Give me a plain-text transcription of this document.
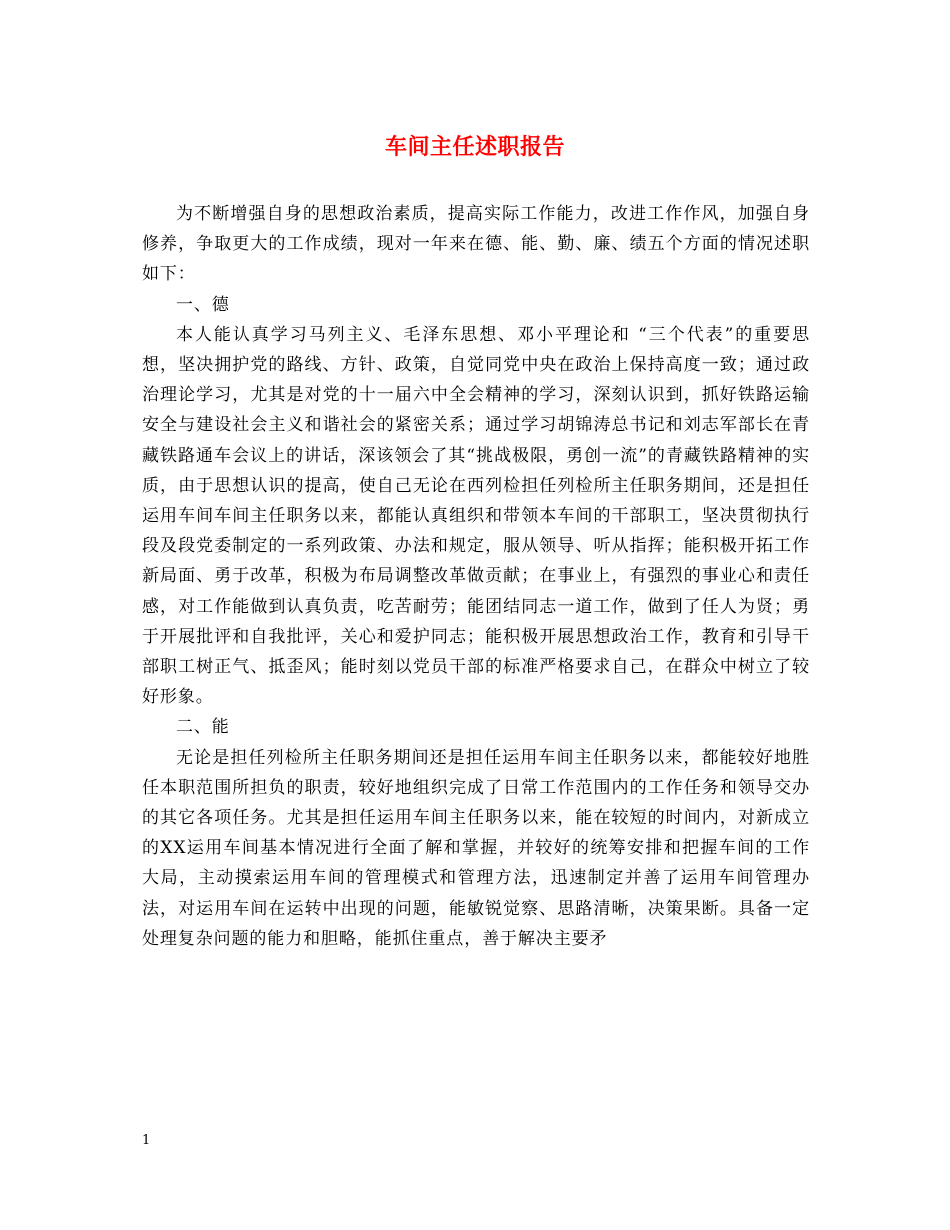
车间主任述职报告

为不断增强自身的思想政治素质，提高实际工作能力，改进工作作风，加强自身修养，争取更大的工作成绩，现对一年来在德、能、勤、廉、绩五个方面的情况述职如下：

一、德

本人能认真学习马列主义、毛泽东思想、邓小平理论和 “三个代表”的重要思想，坚决拥护党的路线、方针、政策，自觉同党中央在政治上保持高度一致；通过政治理论学习，尤其是对党的十一届六中全会精神的学习，深刻认识到，抓好铁路运输安全与建设社会主义和谐社会的紧密关系；通过学习胡锦涛总书记和刘志军部长在青藏铁路通车会议上的讲话，深该领会了其“挑战极限，勇创一流”的青藏铁路精神的实质，由于思想认识的提高，使自己无论在西列检担任列检所主任职务期间，还是担任运用车间车间主任职务以来，都能认真组织和带领本车间的干部职工，坚决贯彻执行段及段党委制定的一系列政策、办法和规定，服从领导、听从指挥；能积极开拓工作新局面、勇于改革，积极为布局调整改革做贡献；在事业上，有强烈的事业心和责任感，对工作能做到认真负责，吃苦耐劳；能团结同志一道工作，做到了任人为贤；勇于开展批评和自我批评，关心和爱护同志；能积极开展思想政治工作，教育和引导干部职工树正气、抵歪风；能时刻以党员干部的标准严格要求自己，在群众中树立了较好形象。

二、能

无论是担任列检所主任职务期间还是担任运用车间主任职务以来，都能较好地胜任本职范围所担负的职责，较好地组织完成了日常工作范围内的工作任务和领导交办的其它各项任务。尤其是担任运用车间主任职务以来，能在较短的时间内，对新成立的XX运用车间基本情况进行全面了解和掌握，并较好的统筹安排和把握车间的工作大局，主动摸索运用车间的管理模式和管理方法，迅速制定并善了运用车间管理办法，对运用车间在运转中出现的问题，能敏锐觉察、思路清晰，决策果断。具备一定处理复杂问题的能力和胆略，能抓住重点，善于解决主要矛

1
